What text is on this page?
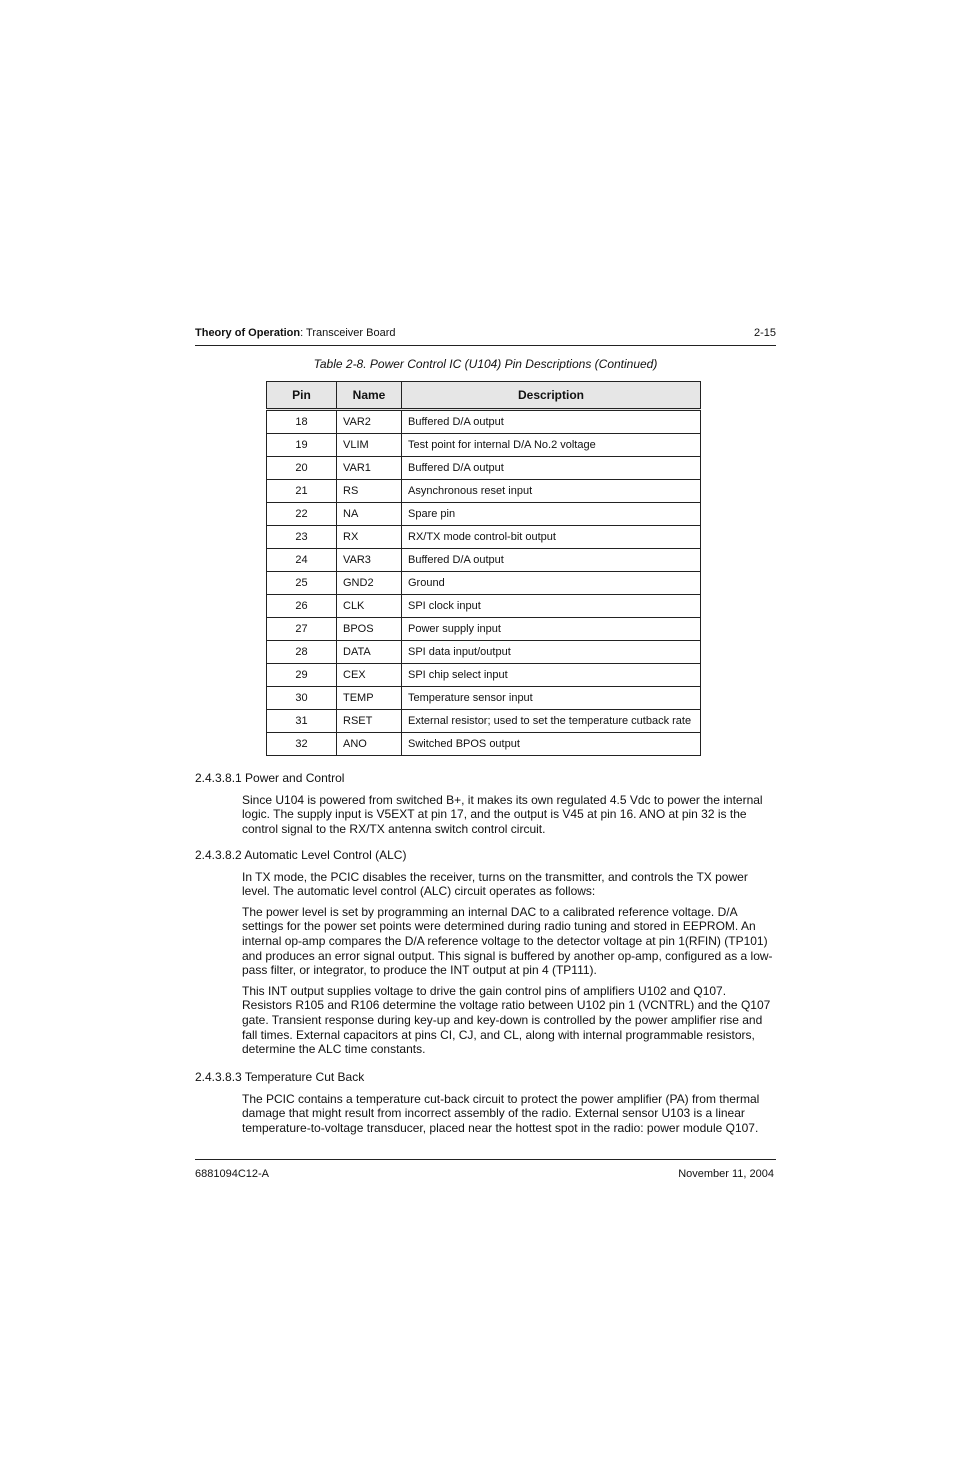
Theory of Operation: Transceiver Board	2-15
Table 2-8. Power Control IC (U104) Pin Descriptions (Continued)
Pin	Name	Description
18	VAR2	Buffered D/A output
19	VLIM	Test point for internal D/A No.2 voltage
20	VAR1	Buffered D/A output
21	RS	Asynchronous reset input
22	NA	Spare pin
23	RX	RX/TX mode control-bit output
24	VAR3	Buffered D/A output
25	GND2	Ground
26	CLK	SPI clock input
27	BPOS	Power supply input
28	DATA	SPI data input/output
29	CEX	SPI chip select input
30	TEMP	Temperature sensor input
31	RSET	External resistor; used to set the temperature cutback rate
32	ANO	Switched BPOS output
2.4.3.8.1 Power and Control
Since U104 is powered from switched B+, it makes its own regulated 4.5 Vdc to power the internal logic. The supply input is V5EXT at pin 17, and the output is V45 at pin 16. ANO at pin 32 is the control signal to the RX/TX antenna switch control circuit.
2.4.3.8.2 Automatic Level Control (ALC)
In TX mode, the PCIC disables the receiver, turns on the transmitter, and controls the TX power level. The automatic level control (ALC) circuit operates as follows:
The power level is set by programming an internal DAC to a calibrated reference voltage. D/A settings for the power set points were determined during radio tuning and stored in EEPROM. An internal op-amp compares the D/A reference voltage to the detector voltage at pin 1(RFIN) (TP101) and produces an error signal output. This signal is buffered by another op-amp, configured as a low-pass filter, or integrator, to produce the INT output at pin 4 (TP111).
This INT output supplies voltage to drive the gain control pins of amplifiers U102 and Q107. Resistors R105 and R106 determine the voltage ratio between U102 pin 1 (VCNTRL) and the Q107 gate. Transient response during key-up and key-down is controlled by the power amplifier rise and fall times. External capacitors at pins CI, CJ, and CL, along with internal programmable resistors, determine the ALC time constants.
2.4.3.8.3 Temperature Cut Back
The PCIC contains a temperature cut-back circuit to protect the power amplifier (PA) from thermal damage that might result from incorrect assembly of the radio. External sensor U103 is a linear temperature-to-voltage transducer, placed near the hottest spot in the radio: power module Q107.
6881094C12-A	November 11, 2004
